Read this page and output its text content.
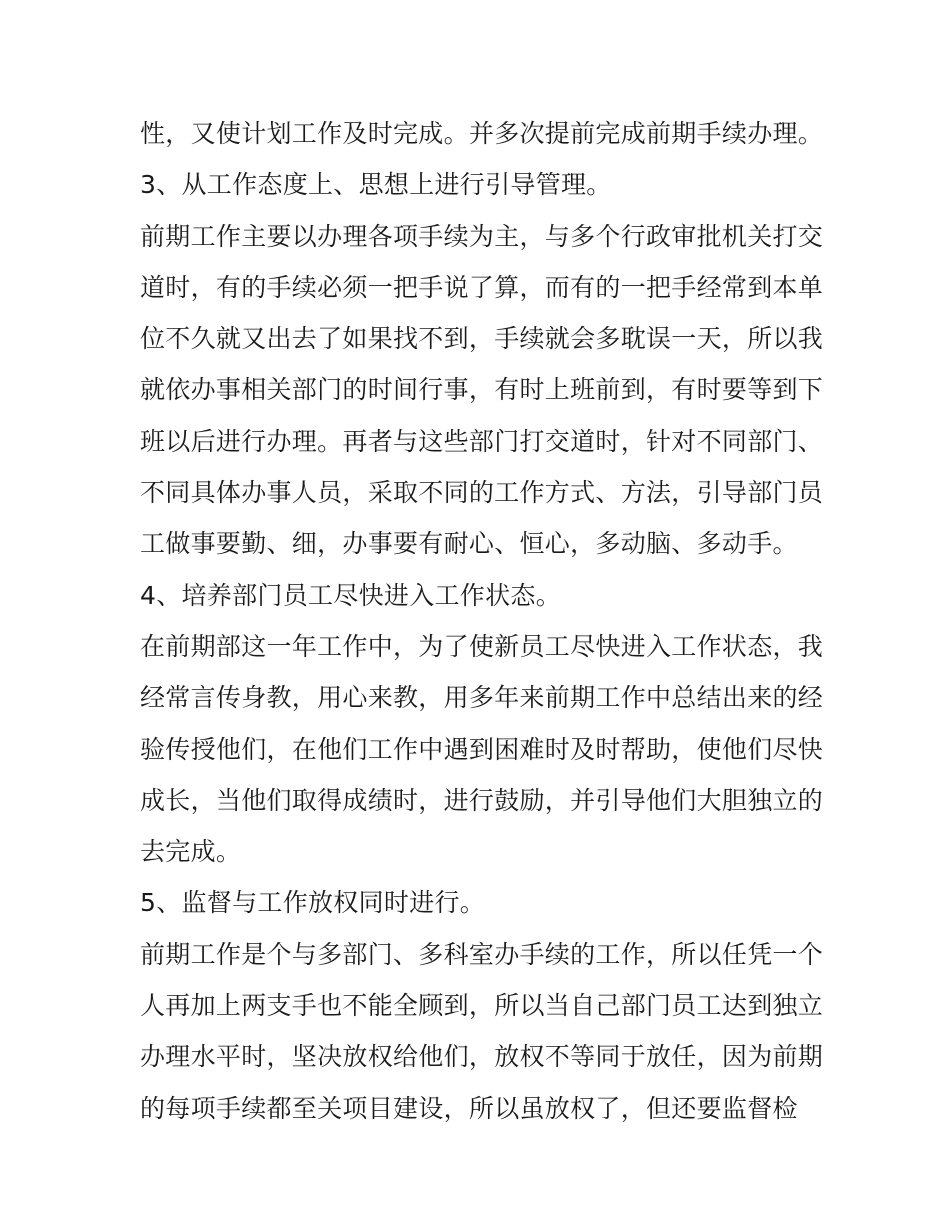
性，又使计划工作及时完成。并多次提前完成前期手续办理。
3、从工作态度上、思想上进行引导管理。
前期工作主要以办理各项手续为主，与多个行政审批机关打交
道时，有的手续必须一把手说了算，而有的一把手经常到本单
位不久就又出去了如果找不到，手续就会多耽误一天，所以我
就依办事相关部门的时间行事，有时上班前到，有时要等到下
班以后进行办理。再者与这些部门打交道时，针对不同部门、
不同具体办事人员，采取不同的工作方式、方法，引导部门员
工做事要勤、细，办事要有耐心、恒心，多动脑、多动手。
4、培养部门员工尽快进入工作状态。
在前期部这一年工作中，为了使新员工尽快进入工作状态，我
经常言传身教，用心来教，用多年来前期工作中总结出来的经
验传授他们，在他们工作中遇到困难时及时帮助，使他们尽快
成长，当他们取得成绩时，进行鼓励，并引导他们大胆独立的
去完成。
5、监督与工作放权同时进行。
前期工作是个与多部门、多科室办手续的工作，所以任凭一个
人再加上两支手也不能全顾到，所以当自己部门员工达到独立
办理水平时，坚决放权给他们，放权不等同于放任，因为前期
的每项手续都至关项目建设，所以虽放权了，但还要监督检
